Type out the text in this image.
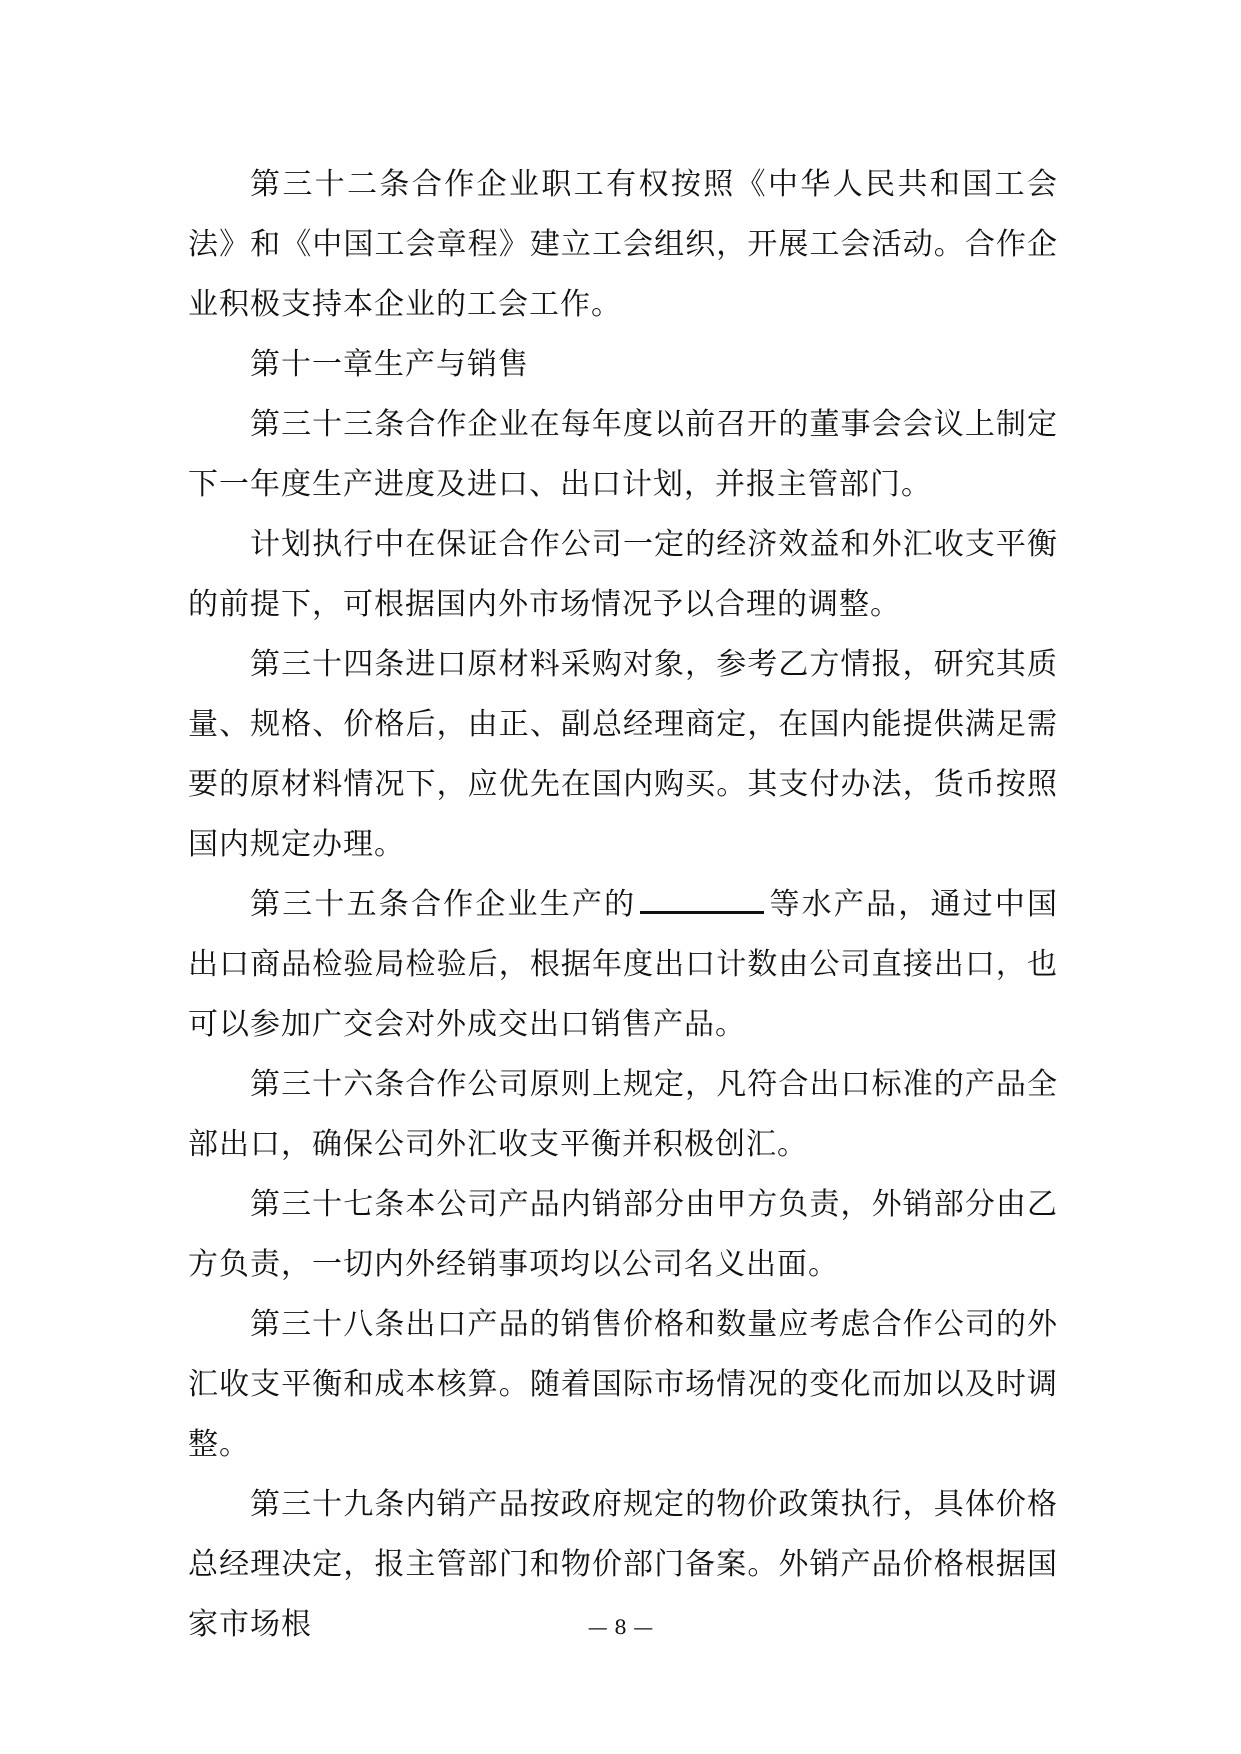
第三十二条合作企业职工有权按照《中华人民共和国工会法》和《中国工会章程》建立工会组织，开展工会活动。合作企业积极支持本企业的工会工作。

第十一章生产与销售

第三十三条合作企业在每年度以前召开的董事会会议上制定下一年度生产进度及进口、出口计划，并报主管部门。

计划执行中在保证合作公司一定的经济效益和外汇收支平衡的前提下，可根据国内外市场情况予以合理的调整。

第三十四条进口原材料采购对象，参考乙方情报，研究其质量、规格、价格后，由正、副总经理商定，在国内能提供满足需要的原材料情况下，应优先在国内购买。其支付办法，货币按照国内规定办理。

第三十五条合作企业生产的	等水产品，通过中国出口商品检验局检验后，根据年度出口计数由公司直接出口，也可以参加广交会对外成交出口销售产品。

第三十六条合作公司原则上规定，凡符合出口标准的产品全部出口，确保公司外汇收支平衡并积极创汇。

第三十七条本公司产品内销部分由甲方负责，外销部分由乙方负责，一切内外经销事项均以公司名义出面。

第三十八条出口产品的销售价格和数量应考虑合作公司的外汇收支平衡和成本核算。随着国际市场情况的变化而加以及时调整。

第三十九条内销产品按政府规定的物价政策执行，具体价格总经理决定，报主管部门和物价部门备案。外销产品价格根据国家市场根	— 8 —
